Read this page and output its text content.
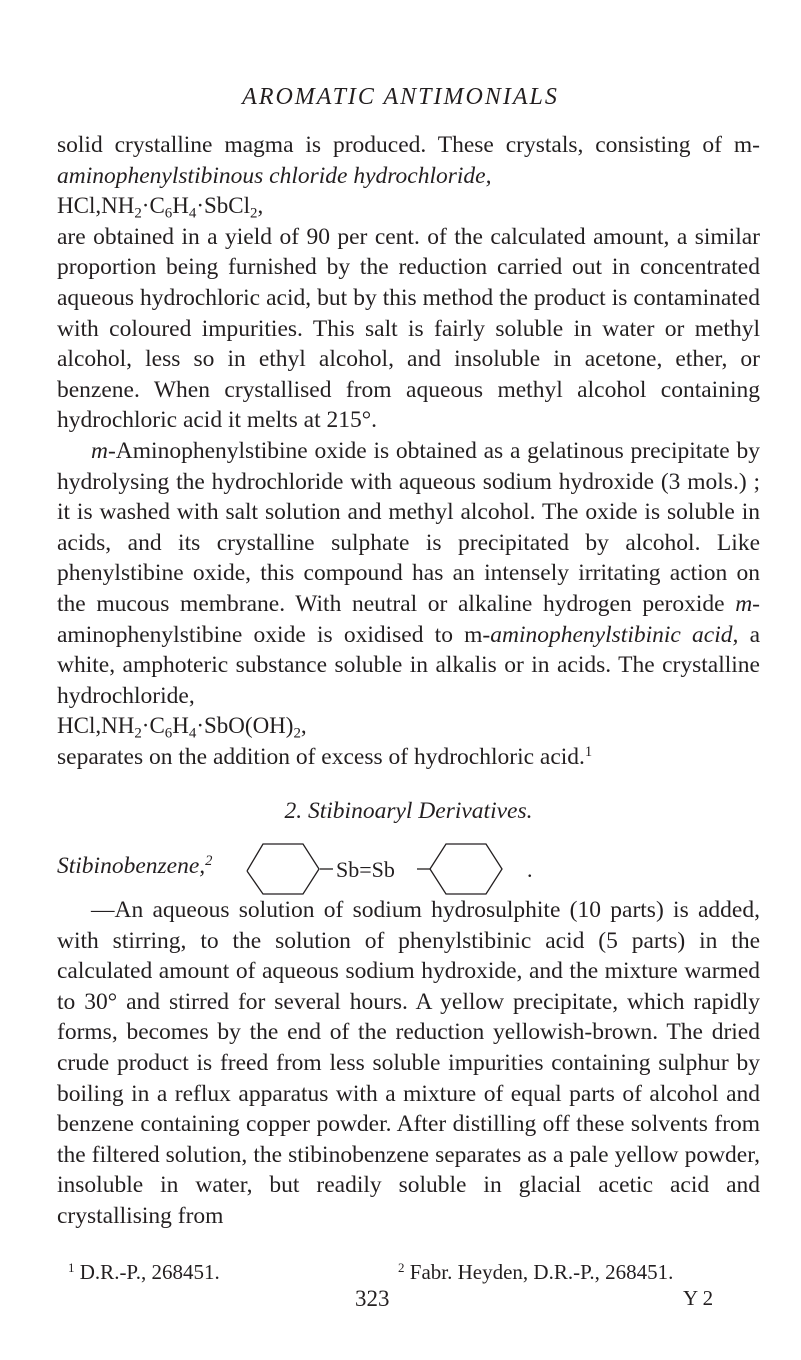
AROMATIC ANTIMONIALS

solid crystalline magma is produced. These crystals, consisting of m-aminophenylstibinous chloride hydrochloride,

$HCl,NH_2\cdot C_6H_4\cdot SbCl_2$,

are obtained in a yield of 90 per cent. of the calculated amount, a similar proportion being furnished by the reduction carried out in concentrated aqueous hydrochloric acid, but by this method the product is contaminated with coloured impurities. This salt is fairly soluble in water or methyl alcohol, less so in ethyl alcohol, and insoluble in acetone, ether, or benzene. When crystallised from aqueous methyl alcohol containing hydrochloric acid it melts at 215°.

m-Aminophenylstibine oxide is obtained as a gelatinous precipitate by hydrolysing the hydrochloride with aqueous sodium hydroxide (3 mols.) ; it is washed with salt solution and methyl alcohol. The oxide is soluble in acids, and its crystalline sulphate is precipitated by alcohol. Like phenylstibine oxide, this compound has an intensely irritating action on the mucous membrane. With neutral or alkaline hydrogen peroxide m-aminophenylstibine oxide is oxidised to m-aminophenylstibinic acid, a white, amphoteric substance soluble in alkalis or in acids. The crystalline hydrochloride,

$HCl,NH_2\cdot C_6H_4\cdot SbO(OH)_2$,

separates on the addition of excess of hydrochloric acid.$^1$

2. Stibinoaryl Derivatives.
Stibinobenzene,$^2$	Sb=Sb	.

—An aqueous solution of sodium hydrosulphite (10 parts) is added, with stirring, to the solution of phenylstibinic acid (5 parts) in the calculated amount of aqueous sodium hydroxide, and the mixture warmed to 30° and stirred for several hours. A yellow precipitate, which rapidly forms, becomes by the end of the reduction yellowish-brown. The dried crude product is freed from less soluble impurities containing sulphur by boiling in a reflux apparatus with a mixture of equal parts of alcohol and benzene containing copper powder. After distilling off these solvents from the filtered solution, the stibinobenzene separates as a pale yellow powder, insoluble in water, but readily soluble in glacial acetic acid and crystallising from

$^1$ D.R.-P., 268451.	$^2$ Fabr. Heyden, D.R.-P., 268451.
323	Y 2
